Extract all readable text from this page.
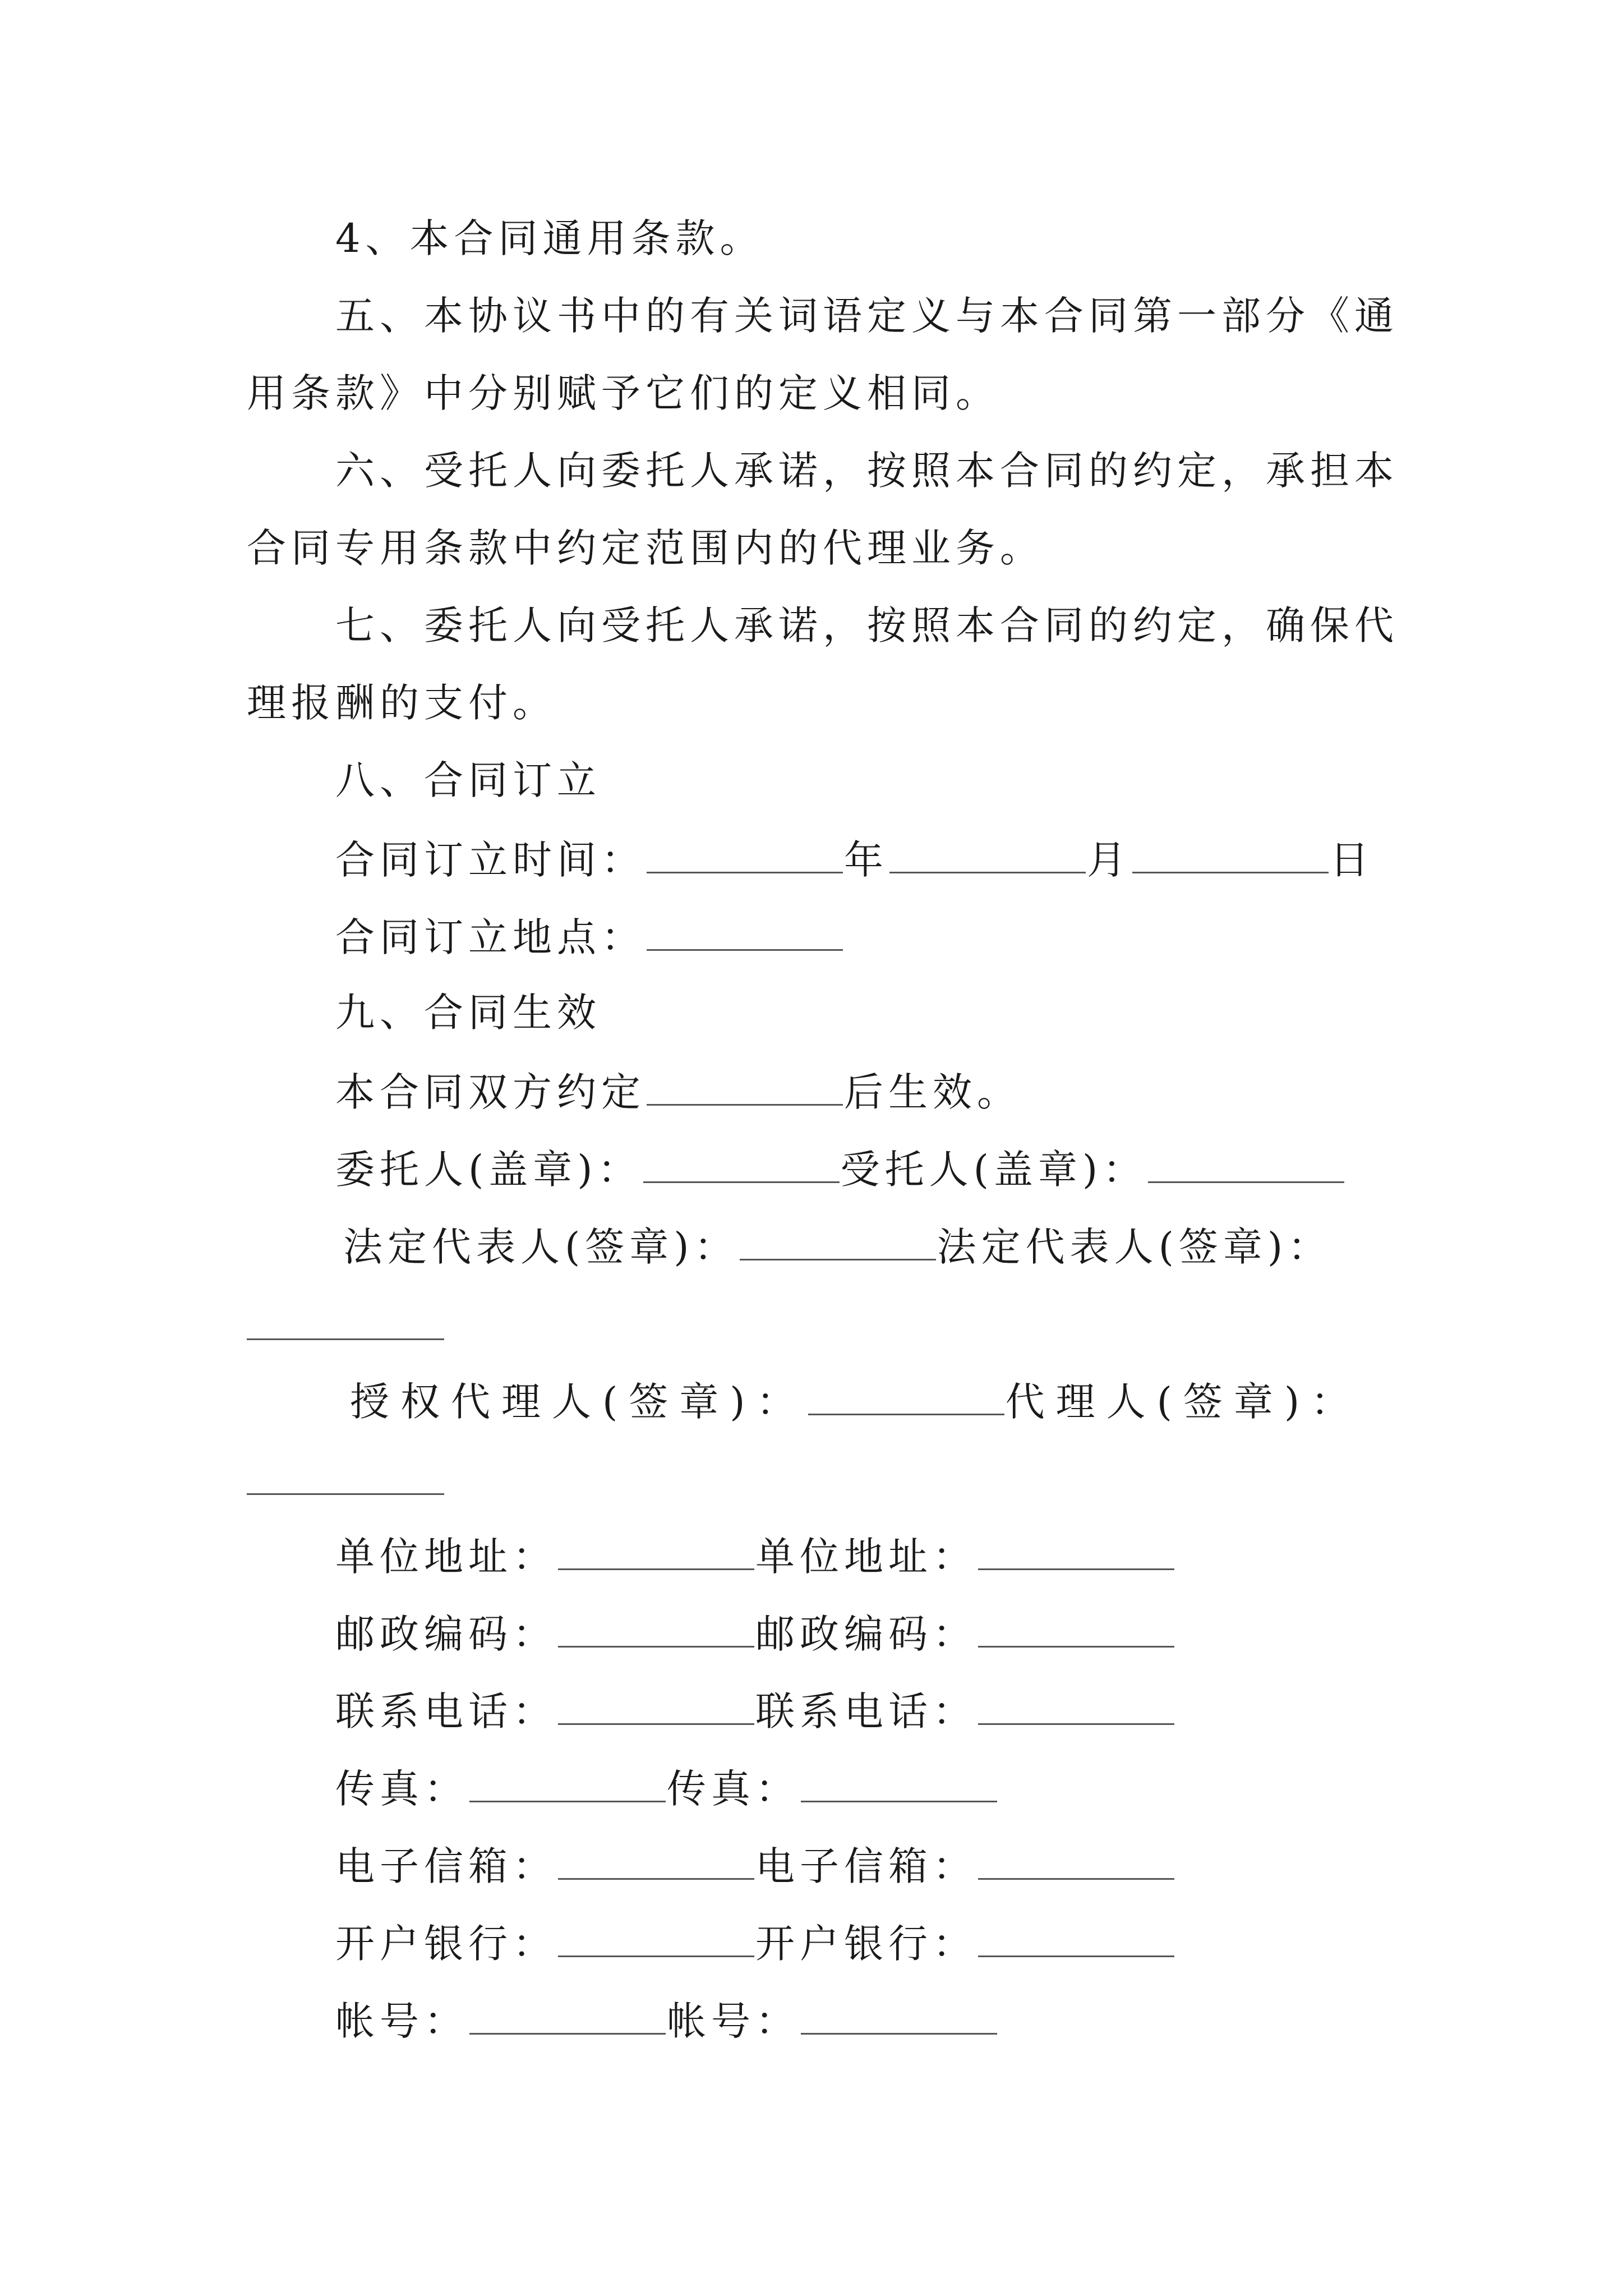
4、本合同通用条款。
五、本协议书中的有关词语定义与本合同第一部分《通
用条款》中分别赋予它们的定义相同。
六、受托人向委托人承诺，按照本合同的约定，承担本
合同专用条款中约定范围内的代理业务。
七、委托人向受托人承诺，按照本合同的约定，确保代
理报酬的支付。
八、合同订立
合同订立时间：	年	月	日
合同订立地点：
九、合同生效
本合同双方约定	后生效。
委托人(盖章)：	受托人(盖章)：
法定代表人(签章)：	法定代表人(签章)：
授权代理人(签章)：	代理人(签章)：
单位地址：	单位地址：
邮政编码：	邮政编码：
联系电话：	联系电话：
传真：	传真：
电子信箱：	电子信箱：
开户银行：	开户银行：
帐号：	帐号：
